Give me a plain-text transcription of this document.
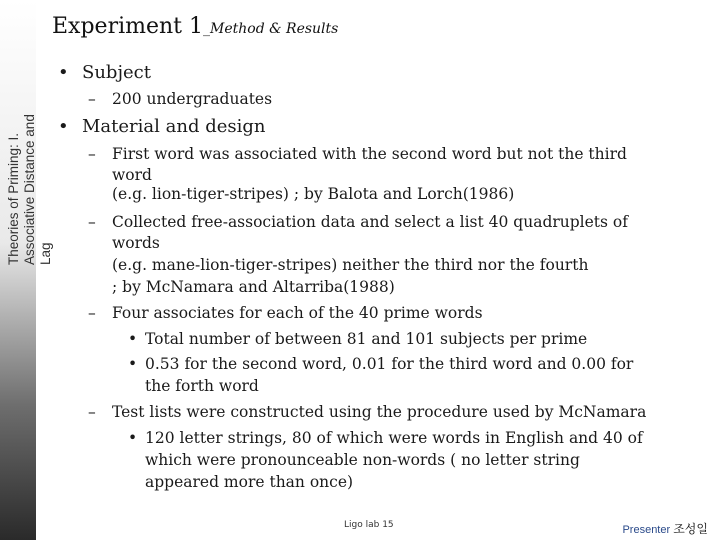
Theories of Priming: I. Associative Distance and Lag
Experiment 1_Method & Results
• Subject
– 200 undergraduates
• Material and design
– First word was associated with the second word but not the third
word
(e.g. lion-tiger-stripes) ; by Balota and Lorch(1986)
– Collected free-association data and select a list 40 quadruplets of
words
(e.g. mane-lion-tiger-stripes) neither the third nor the fourth
; by McNamara and Altarriba(1988)
– Four associates for each of the 40 prime words
• Total number of between 81 and 101 subjects per prime
• 0.53 for the second word, 0.01 for the third word and 0.00 for
the forth word
– Test lists were constructed using the procedure used by McNamara
• 120 letter strings, 80 of which were words in English and 40 of
which were pronounceable non-words ( no letter string
appeared more than once)
Ligo lab 15	Presenter 조성일
